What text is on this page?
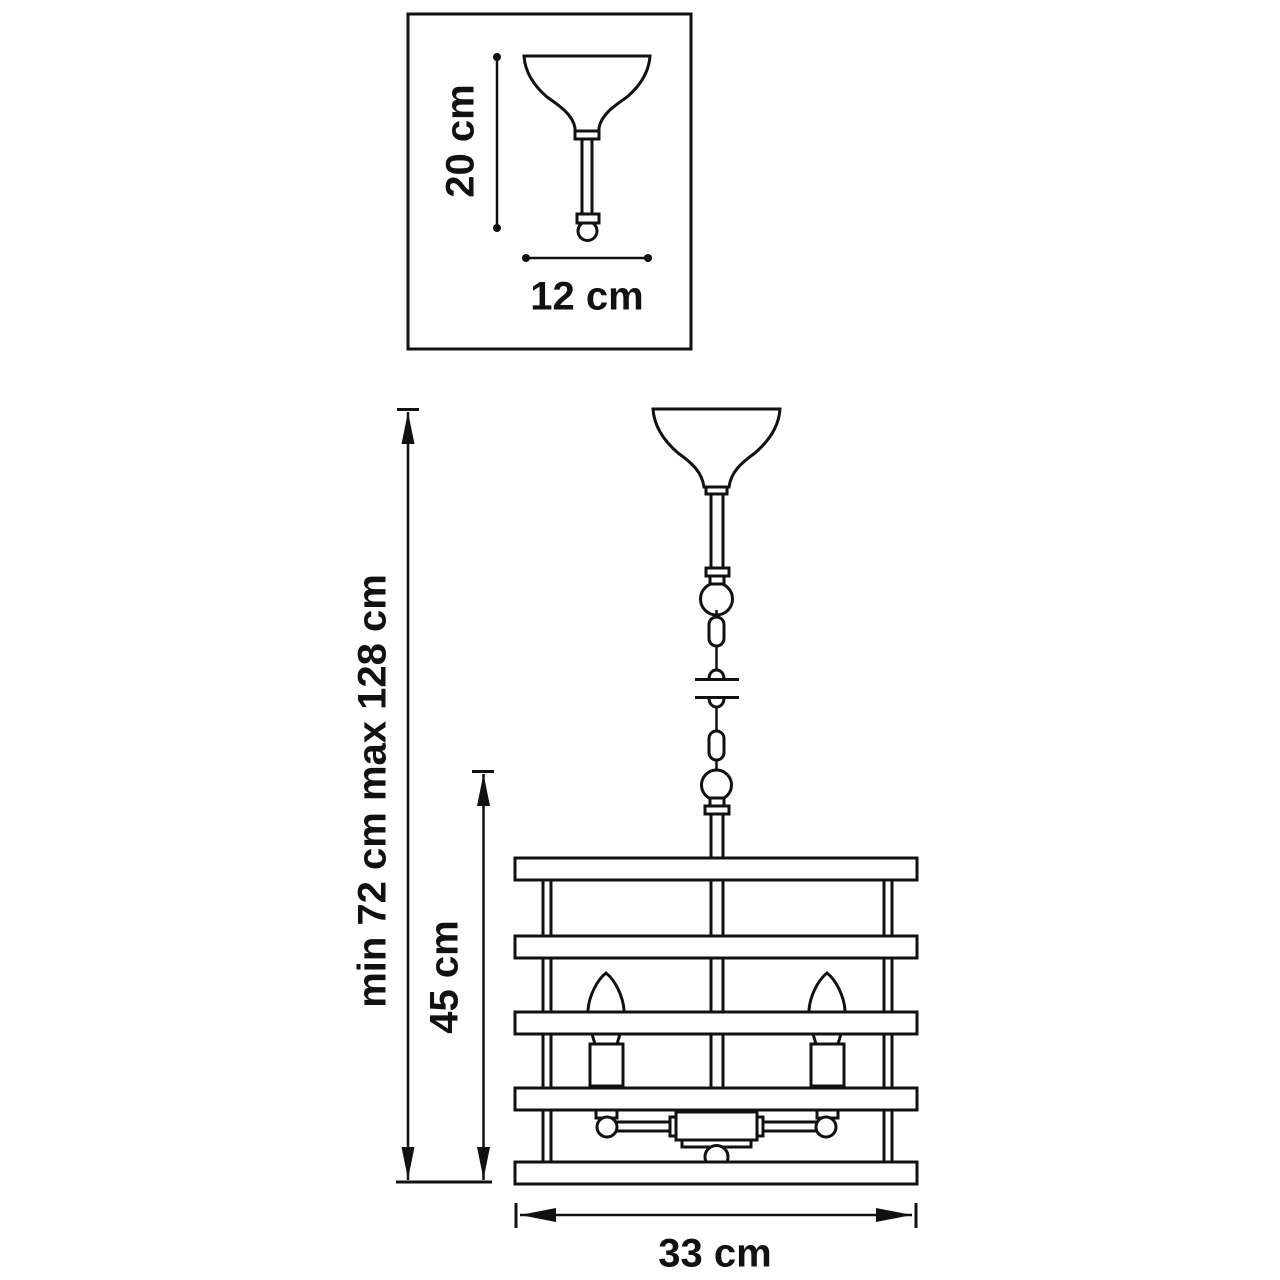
20 cm
12 cm
min 72 cm max 128 cm 45 cm
33 cm
